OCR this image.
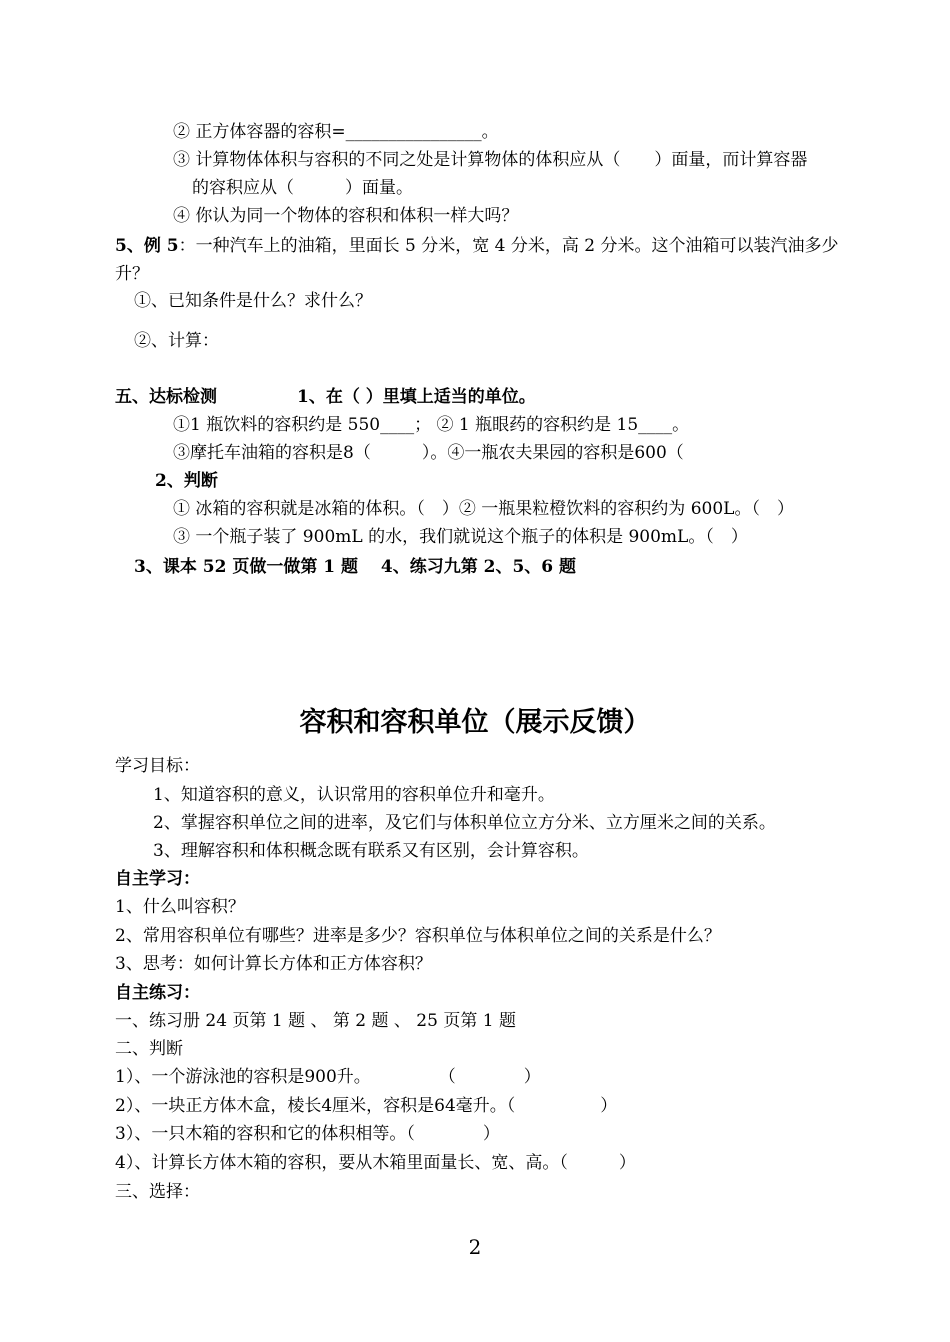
② 正方体容器的容积=________________。
③ 计算物体体积与容积的不同之处是计算物体的体积应从（　　）面量，而计算容器
的容积应从（　　　）面量。
④ 你认为同一个物体的容积和体积一样大吗？
5、例 5：一种汽车上的油箱，里面长 5 分米，宽 4 分米，高 2 分米。这个油箱可以装汽油多少
升？
①、已知条件是什么？求什么？
②、计算：
五、达标检测	1、在（ ）里填上适当的单位。
①1 瓶饮料的容积约是 550____； ② 1 瓶眼药的容积约是 15____。
③摩托车油箱的容积是8（　　　）。④一瓶农夫果园的容积是600（
2、判断
① 冰箱的容积就是冰箱的体积。（　）② 一瓶果粒橙饮料的容积约为 600L。（　）
③ 一个瓶子装了 900mL 的水，我们就说这个瓶子的体积是 900mL。（　）
3、课本 52 页做一做第 1 题　 4、练习九第 2、5、6 题
容积和容积单位（展示反馈）
学习目标：
1、知道容积的意义，认识常用的容积单位升和毫升。
2、掌握容积单位之间的进率，及它们与体积单位立方分米、立方厘米之间的关系。
3、理解容积和体积概念既有联系又有区别，会计算容积。
自主学习：
1、什么叫容积？
2、常用容积单位有哪些？进率是多少？容积单位与体积单位之间的关系是什么？
3、思考：如何计算长方体和正方体容积？
自主练习：
一、练习册 24 页第 1 题 、 第 2 题 、 25 页第 1 题
二、判断
1）、一个游泳池的容积是900升。　　　　　（　　　　）
2）、一块正方体木盒，棱长4厘米，容积是64毫升。（　　　　　）
3）、一只木箱的容积和它的体积相等。（　　　　）
4）、计算长方体木箱的容积，要从木箱里面量长、宽、高。（　　　）
三、选择：
2
